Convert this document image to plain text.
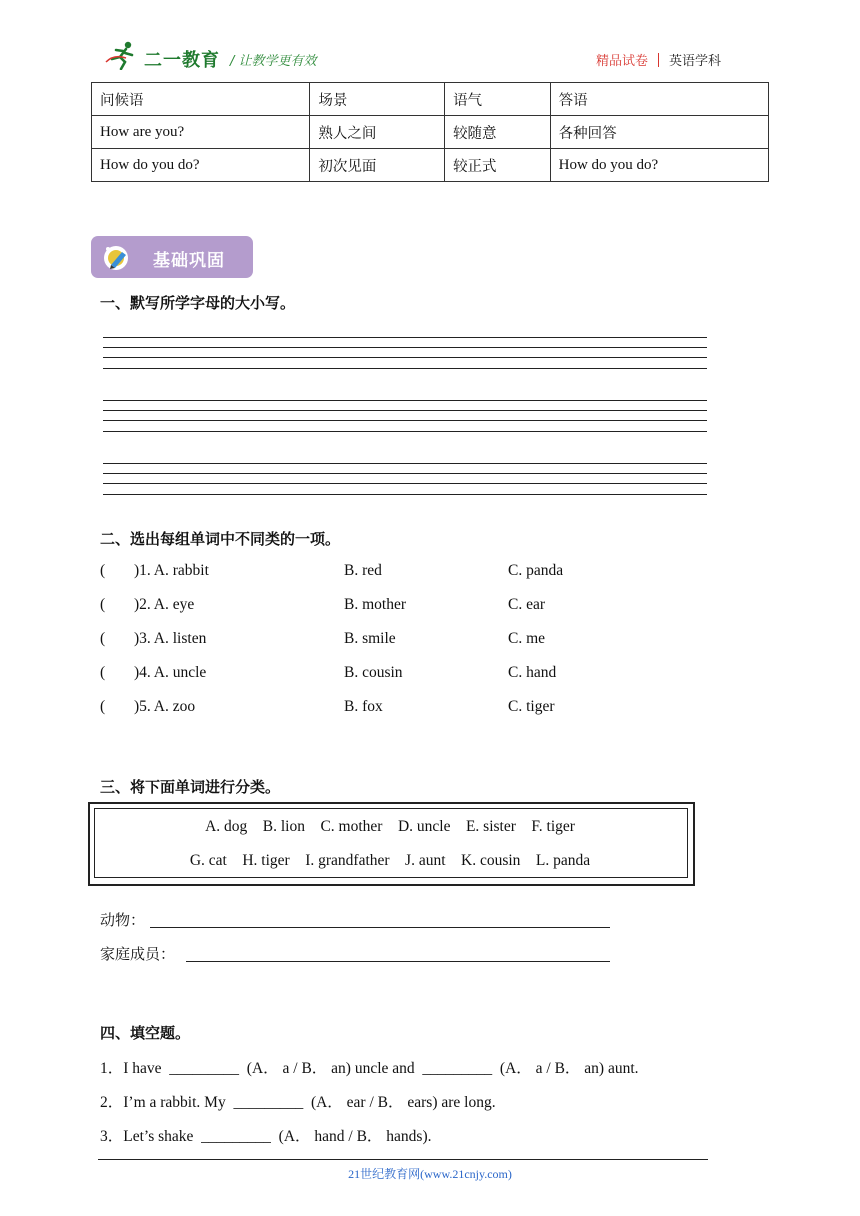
二一教育 / 让教学更有效	精品试卷 英语学科
问候语	场景	语气	答语
How are you?	熟人之间	较随意	各种回答
How do you do?	初次见面	较正式	How do you do?
基础巩固
一、默写所学字母的大小写。
二、选出每组单词中不同类的一项。
( )1. A. rabbit	B. red	C. panda
( )2. A. eye	B. mother	C. ear
( )3. A. listen	B. smile	C. me
( )4. A. uncle	B. cousin	C. hand
( )5. A. zoo	B. fox	C. tiger
三、将下面单词进行分类。
A. dog    B. lion    C. mother    D. uncle    E. sister    F. tiger
G. cat    H. tiger    I. grandfather    J. aunt    K. cousin    L. panda
动物：
家庭成员：
四、填空题。
1．I have  _________  (A． a / B． an) uncle and  _________  (A． a / B． an) aunt.
2．I’m a rabbit. My  _________  (A． ear / B． ears) are long.
3．Let’s shake  _________  (A． hand / B． hands).
21世纪教育网(www.21cnjy.com)
